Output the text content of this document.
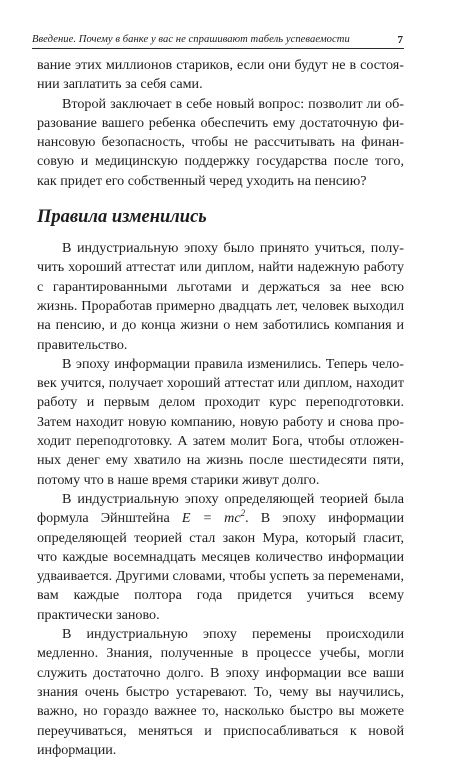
Введение. Почему в банке у вас не спрашивают табель успеваемости	7

вание этих миллионов стариков, если они будут не в состоянии заплатить за себя сами.

Второй заключает в себе новый вопрос: позволит ли образование вашего ребенка обеспечить ему достаточную финансовую безопасность, чтобы не рассчитывать на финансовую и медицинскую поддержку государства после того, как придет его собственный черед уходить на пенсию?

Правила изменились

В индустриальную эпоху было принято учиться, получить хороший аттестат или диплом, найти надежную работу с гарантированными льготами и держаться за нее всю жизнь. Проработав примерно двадцать лет, человек выходил на пенсию, и до конца жизни о нем заботились компания и правительство.

В эпоху информации правила изменились. Теперь человек учится, получает хороший аттестат или диплом, находит работу и первым делом проходит курс переподготовки. Затем находит новую компанию, новую работу и снова проходит переподготовку. А затем молит Бога, чтобы отложенных денег ему хватило на жизнь после шестидесяти пяти, потому что в наше время старики живут долго.

В индустриальную эпоху определяющей теорией была формула Эйнштейна $E = mc^2$. В эпоху информации определяющей теорией стал закон Мура, который гласит, что каждые восемнадцать месяцев количество информации удваивается. Другими словами, чтобы успеть за переменами, вам каждые полтора года придется учиться всему практически заново.

В индустриальную эпоху перемены происходили медленно. Знания, полученные в процессе учебы, могли служить достаточно долго. В эпоху информации все ваши знания очень быстро устаревают. То, чему вы научились, важно, но гораздо важнее то, насколько быстро вы можете переучиваться, меняться и приспосабливаться к новой информации.
